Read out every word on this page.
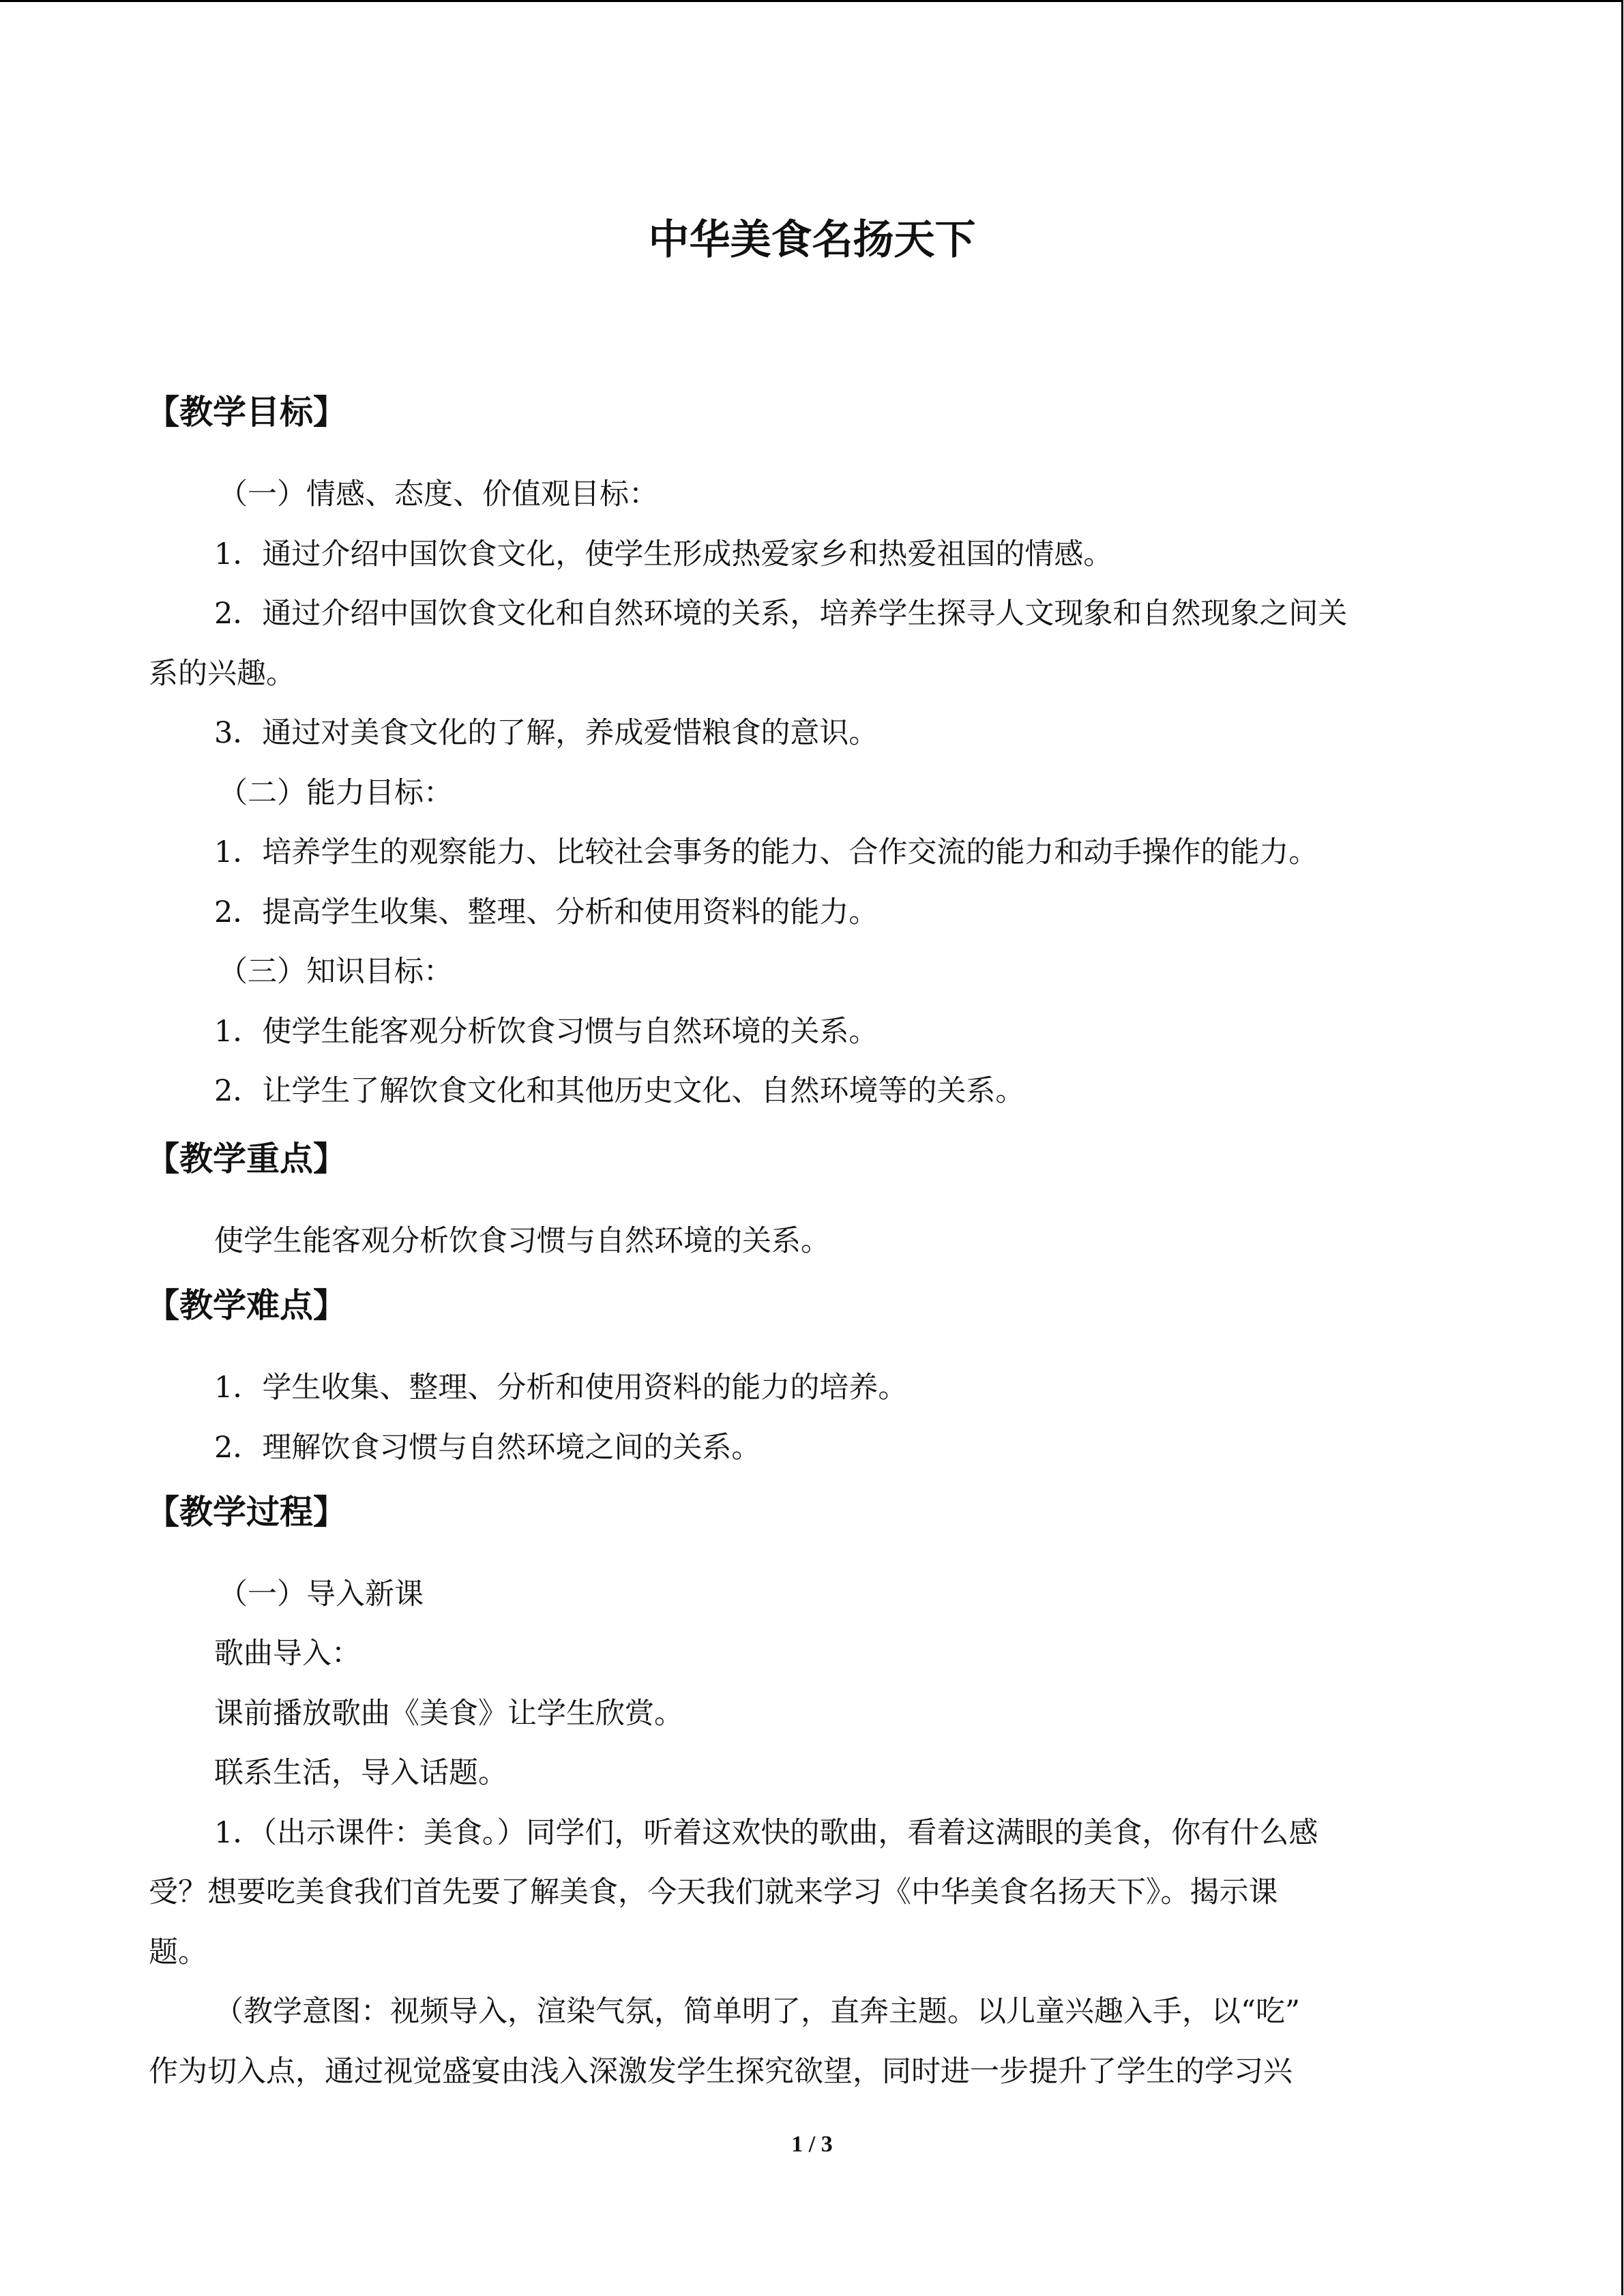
中华美食名扬天下
【教学目标】

（一）情感、态度、价值观目标：

1．通过介绍中国饮食文化，使学生形成热爱家乡和热爱祖国的情感。

2．通过介绍中国饮食文化和自然环境的关系，培养学生探寻人文现象和自然现象之间关

系的兴趣。

3．通过对美食文化的了解，养成爱惜粮食的意识。

（二）能力目标：

1．培养学生的观察能力、比较社会事务的能力、合作交流的能力和动手操作的能力。

2．提高学生收集、整理、分析和使用资料的能力。

（三）知识目标：

1．使学生能客观分析饮食习惯与自然环境的关系。

2．让学生了解饮食文化和其他历史文化、自然环境等的关系。

【教学重点】

使学生能客观分析饮食习惯与自然环境的关系。

【教学难点】

1．学生收集、整理、分析和使用资料的能力的培养。

2．理解饮食习惯与自然环境之间的关系。

【教学过程】

（一）导入新课

歌曲导入：

课前播放歌曲《美食》让学生欣赏。

联系生活，导入话题。

1．（出示课件：美食。）同学们，听着这欢快的歌曲，看着这满眼的美食，你有什么感

受？想要吃美食我们首先要了解美食，今天我们就来学习《中华美食名扬天下》。揭示课

题。

（教学意图：视频导入，渲染气氛，简单明了，直奔主题。以儿童兴趣入手，以“吃”

作为切入点，通过视觉盛宴由浅入深激发学生探究欲望，同时进一步提升了学生的学习兴

1 / 3
